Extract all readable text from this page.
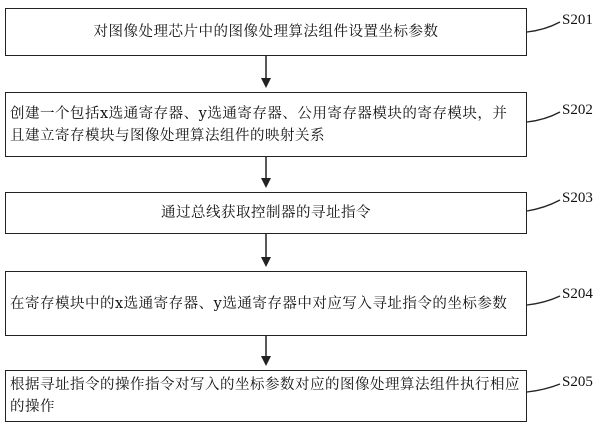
对图像处理芯片中的图像处理算法组件设置坐标参数
S201
创建一个包括x选通寄存器、y选通寄存器、公用寄存器模块的寄存模块，并且建立寄存模块与图像处理算法组件的映射关系
S202
通过总线获取控制器的寻址指令
S203
在寄存模块中的x选通寄存器、y选通寄存器中对应写入寻址指令的坐标参数
S204
根据寻址指令的操作指令对写入的坐标参数对应的图像处理算法组件执行相应的操作
S205
